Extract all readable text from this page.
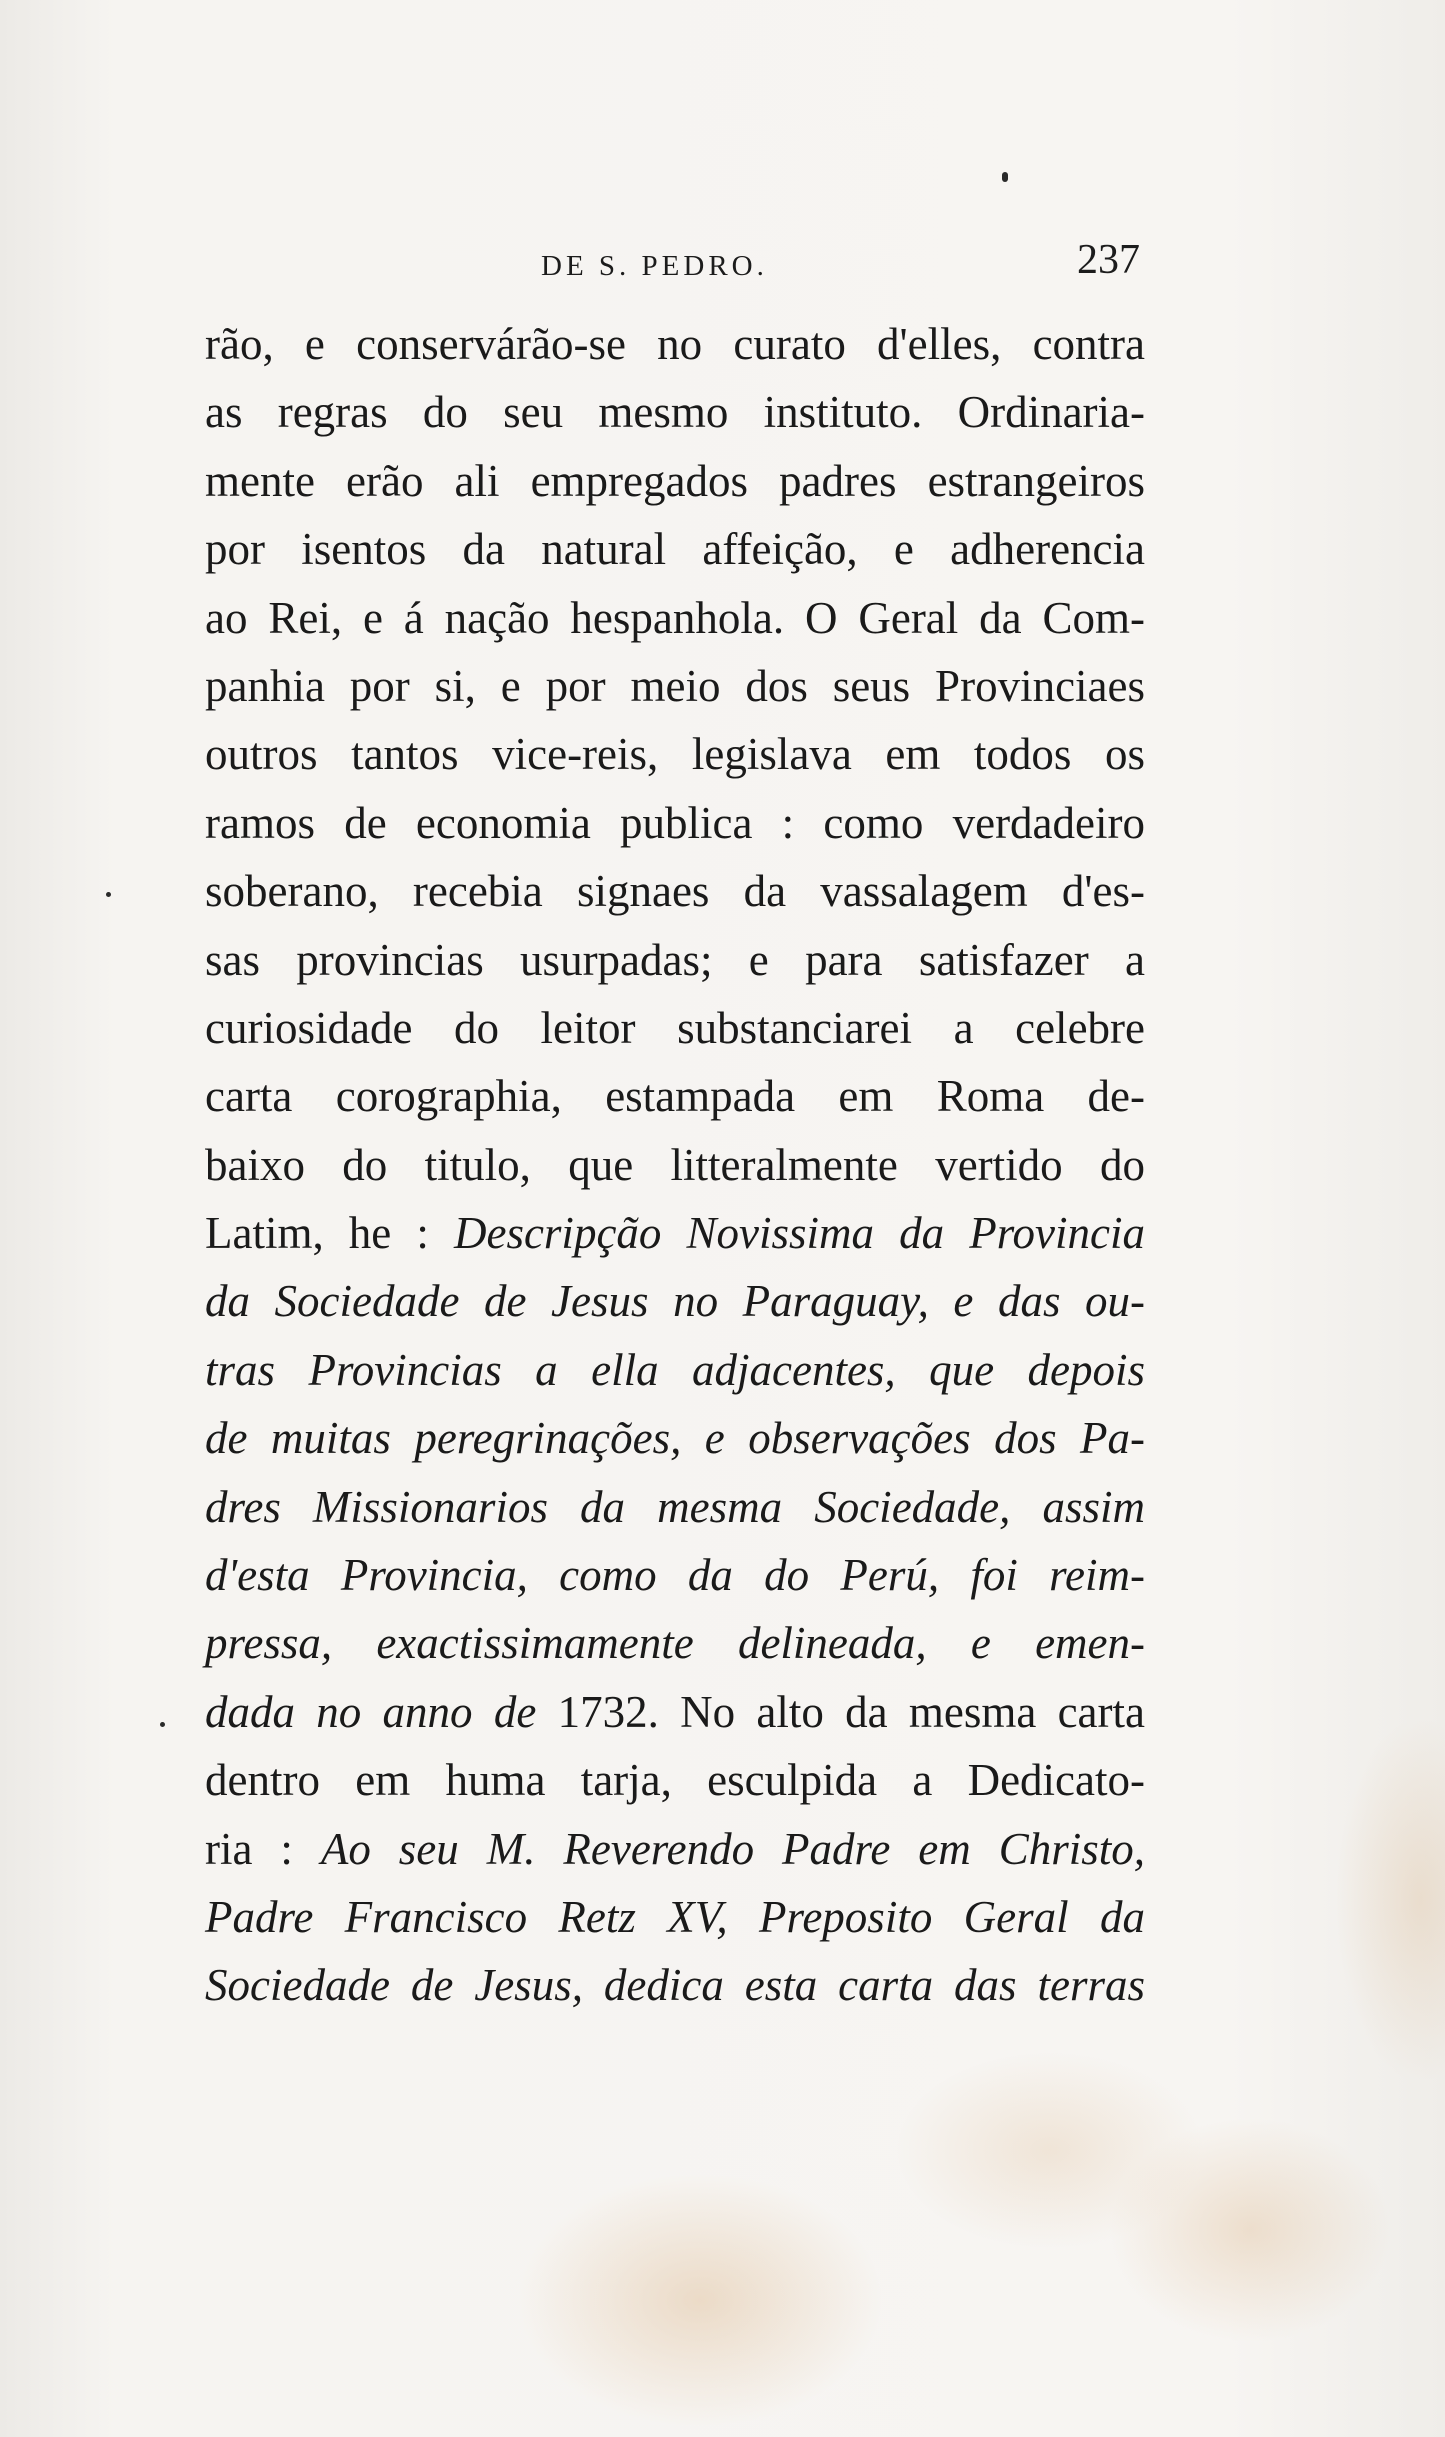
DE S. PEDRO.	237
rão, e conservárão-se no curato d'elles, contra
as regras do seu mesmo instituto. Ordinaria-
mente erão ali empregados padres estrangeiros
por isentos da natural affeição, e adherencia
ao Rei, e á nação hespanhola. O Geral da Com-
panhia por si, e por meio dos seus Provinciaes
outros tantos vice-reis, legislava em todos os
ramos de economia publica : como verdadeiro
soberano, recebia signaes da vassalagem d'es-
sas provincias usurpadas; e para satisfazer a
curiosidade do leitor substanciarei a celebre
carta corographia, estampada em Roma de-
baixo do titulo, que litteralmente vertido do
Latim, he : Descripção Novissima da Provincia
da Sociedade de Jesus no Paraguay, e das ou-
tras Provincias a ella adjacentes, que depois
de muitas peregrinações, e observações dos Pa-
dres Missionarios da mesma Sociedade, assim
d'esta Provincia, como da do Perú, foi reim-
pressa, exactissimamente delineada, e emen-
dada no anno de 1732. No alto da mesma carta
dentro em huma tarja, esculpida a Dedicato-
ria : Ao seu M. Reverendo Padre em Christo,
Padre Francisco Retz XV, Preposito Geral da
Sociedade de Jesus, dedica esta carta das terras
